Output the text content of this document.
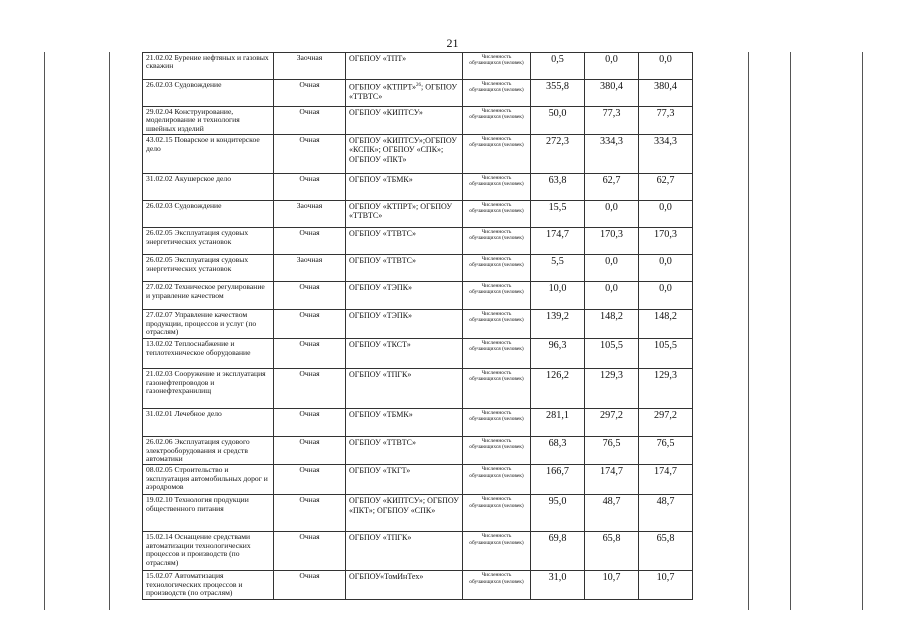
21
21.02.02 Бурение нефтяных и газовых скважин	Заочная	ОГБПОУ «ТПТ»	Численность обучающихся (человек)	0,5	0,0	0,0
26.02.03 Судовождение	Очная	ОГБПОУ «КТПРТ»$^{26}$; ОГБПОУ «ТТВТС»	Численность обучающихся (человек)	355,8	380,4	380,4
29.02.04 Конструирование, моделирование и технология швейных изделий	Очная	ОГБПОУ «КИПТСУ»	Численность обучающихся (человек)	50,0	77,3	77,3
43.02.15 Поварское и кондитерское дело	Очная	ОГБПОУ «КИПТСУ»;ОГБПОУ «КСПК»; ОГБПОУ «СПК»; ОГБПОУ «ПКТ»	Численность обучающихся (человек)	272,3	334,3	334,3
31.02.02 Акушерское дело	Очная	ОГБПОУ «ТБМК»	Численность обучающихся (человек)	63,8	62,7	62,7
26.02.03 Судовождение	Заочная	ОГБПОУ «КТПРТ»; ОГБПОУ «ТТВТС»	Численность обучающихся (человек)	15,5	0,0	0,0
26.02.05 Эксплуатация судовых энергетических установок	Очная	ОГБПОУ «ТТВТС»	Численность обучающихся (человек)	174,7	170,3	170,3
26.02.05 Эксплуатация судовых энергетических установок	Заочная	ОГБПОУ «ТТВТС»	Численность обучающихся (человек)	5,5	0,0	0,0
27.02.02 Техническое регулирование и управление качеством	Очная	ОГБПОУ «ТЭПК»	Численность обучающихся (человек)	10,0	0,0	0,0
27.02.07 Управление качеством продукции, процессов и услуг (по отраслям)	Очная	ОГБПОУ «ТЭПК»	Численность обучающихся (человек)	139,2	148,2	148,2
13.02.02 Теплоснабжение и теплотехническое оборудование	Очная	ОГБПОУ «ТКСТ»	Численность обучающихся (человек)	96,3	105,5	105,5
21.02.03 Сооружение и эксплуатация газонефтепроводов и газонефтехранилищ	Очная	ОГБПОУ «ТПГК»	Численность обучающихся (человек)	126,2	129,3	129,3
31.02.01 Лечебное дело	Очная	ОГБПОУ «ТБМК»	Численность обучающихся (человек)	281,1	297,2	297,2
26.02.06 Эксплуатация судового электрооборудования и средств автоматики	Очная	ОГБПОУ «ТТВТС»	Численность обучающихся (человек)	68,3	76,5	76,5
08.02.05 Строительство и эксплуатация автомобильных дорог и аэродромов	Очная	ОГБПОУ «ТКГТ»	Численность обучающихся (человек)	166,7	174,7	174,7
19.02.10 Технология продукции общественного питания	Очная	ОГБПОУ «КИПТСУ»; ОГБПОУ «ПКТ»; ОГБПОУ «СПК»	Численность обучающихся (человек)	95,0	48,7	48,7
15.02.14 Оснащение средствами автоматизации технологических процессов и производств (по отраслям)	Очная	ОГБПОУ «ТПГК»	Численность обучающихся (человек)	69,8	65,8	65,8
15.02.07 Автоматизация технологических процессов и производств (по отраслям)	Очная	ОГБПОУ«ТомИнТех»	Численность обучающихся (человек)	31,0	10,7	10,7
